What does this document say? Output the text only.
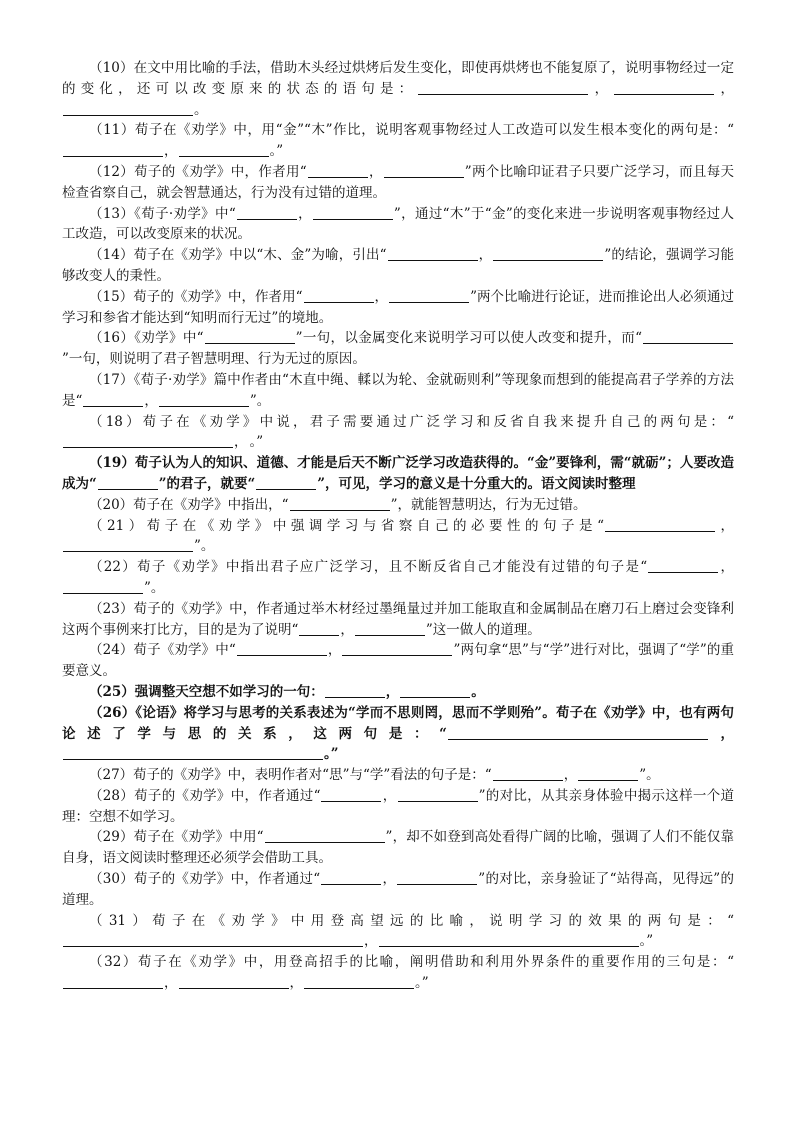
（10）在文中用比喻的手法，借助木头经过烘烤后发生变化，即使再烘烤也不能复原了，说明事物经过一定的变化，还可以改变原来的状态的语句是：	，	，。

（11）荀子在《劝学》中，用“金”“木”作比，说明客观事物经过人工改造可以发生根本变化的两句是：“，	。”

（12）荀子的《劝学》中，作者用“	，	”两个比喻印证君子只要广泛学习，而且每天检查省察自己，就会智慧通达，行为没有过错的道理。

（13）《荀子·劝学》中“	，	”，通过“木”于“金”的变化来进一步说明客观事物经过人工改造，可以改变原来的状况。

（14）荀子在《劝学》中以“木、金”为喻，引出“	，	”的结论，强调学习能够改变人的秉性。

（15）荀子的《劝学》中，作者用“	，	”两个比喻进行论证，进而推论出人必须通过学习和参省才能达到“知明而行无过”的境地。

（16）《劝学》中“	”一句，以金属变化来说明学习可以使人改变和提升，而“”一句，则说明了君子智慧明理、行为无过的原因。

（17）《荀子·劝学》篇中作者由“木直中绳、輮以为轮、金就砺则利”等现象而想到的能提高君子学养的方法是“	，	”。

（18）荀子在《劝学》中说，君子需要通过广泛学习和反省自我来提升自己的两句是：“， 。”

（19）荀子认为人的知识、道德、才能是后天不断广泛学习改造获得的。“金”要锋利，需“就砺”；人要改造成为“	”的君子，就要“	”，可见，学习的意义是十分重大的。语文阅读时整理

（20）荀子在《劝学》中指出，“	”，就能智慧明达，行为无过错。

（21）荀子在《劝学》中强调学习与省察自己的必要性的句子是“	，”。

（22）荀子《劝学》中指出君子应广泛学习，且不断反省自己才能没有过错的句子是“	，”。

（23）荀子的《劝学》中，作者通过举木材经过墨绳量过并加工能取直和金属制品在磨刀石上磨过会变锋利这两个事例来打比方，目的是为了说明“	，	”这一做人的道理。

（24）荀子《劝学》中“	，	”两句拿“思”与“学”进行对比，强调了“学”的重要意义。

（25）强调整天空想不如学习的一句：	，	。

（26）《论语》将学习与思考的关系表述为“学而不思则罔，思而不学则殆”。荀子在《劝学》中，也有两句论述了学与思的关系，这两句是：“	，。”

（27）荀子的《劝学》中，表明作者对“思”与“学”看法的句子是：“	，	”。

（28）荀子的《劝学》中，作者通过“	，	”的对比，从其亲身体验中揭示这样一个道理：空想不如学习。

（29）荀子在《劝学》中用“	”，却不如登到高处看得广阔的比喻，强调了人们不能仅靠自身，语文阅读时整理还必须学会借助工具。

（30）荀子的《劝学》中，作者通过“	，	”的对比，亲身验证了“站得高，见得远”的道理。

（31）荀子在《劝学》中用登高望远的比喻，说明学习的效果的两句是：“，	。”

（32）荀子在《劝学》中，用登高招手的比喻，阐明借助和利用外界条件的重要作用的三句是：“，	，	。”
